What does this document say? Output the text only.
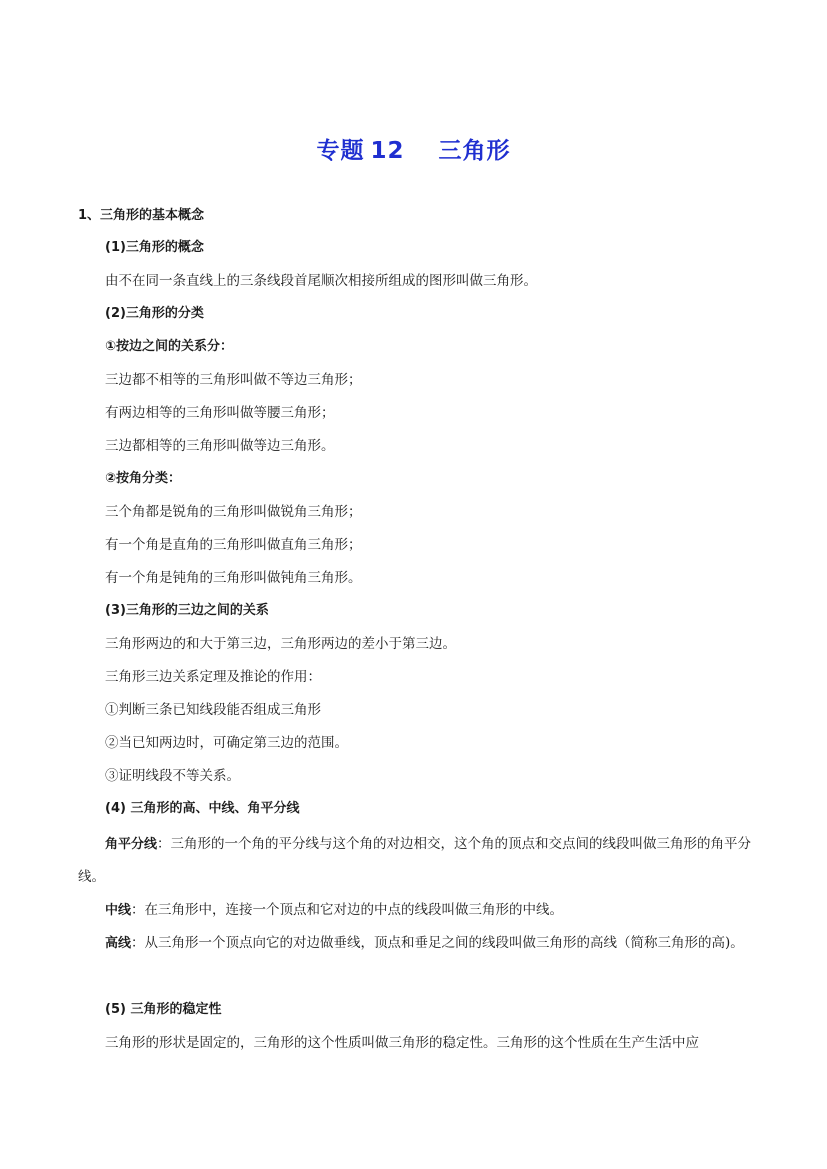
专题 12 三角形
1、三角形的基本概念
(1)三角形的概念
由不在同一条直线上的三条线段首尾顺次相接所组成的图形叫做三角形。
(2)三角形的分类
①按边之间的关系分：
三边都不相等的三角形叫做不等边三角形；
有两边相等的三角形叫做等腰三角形；
三边都相等的三角形叫做等边三角形。
②按角分类：
三个角都是锐角的三角形叫做锐角三角形；
有一个角是直角的三角形叫做直角三角形；
有一个角是钝角的三角形叫做钝角三角形。
(3)三角形的三边之间的关系
三角形两边的和大于第三边，三角形两边的差小于第三边。
三角形三边关系定理及推论的作用：
①判断三条已知线段能否组成三角形
②当已知两边时，可确定第三边的范围。
③证明线段不等关系。
(4) 三角形的高、中线、角平分线
角平分线：三角形的一个角的平分线与这个角的对边相交，这个角的顶点和交点间的线段叫做三角形的角平分线。
中线：在三角形中，连接一个顶点和它对边的中点的线段叫做三角形的中线。
高线：从三角形一个顶点向它的对边做垂线，顶点和垂足之间的线段叫做三角形的高线（简称三角形的高)。
(5) 三角形的稳定性
三角形的形状是固定的，三角形的这个性质叫做三角形的稳定性。三角形的这个性质在生产生活中应
